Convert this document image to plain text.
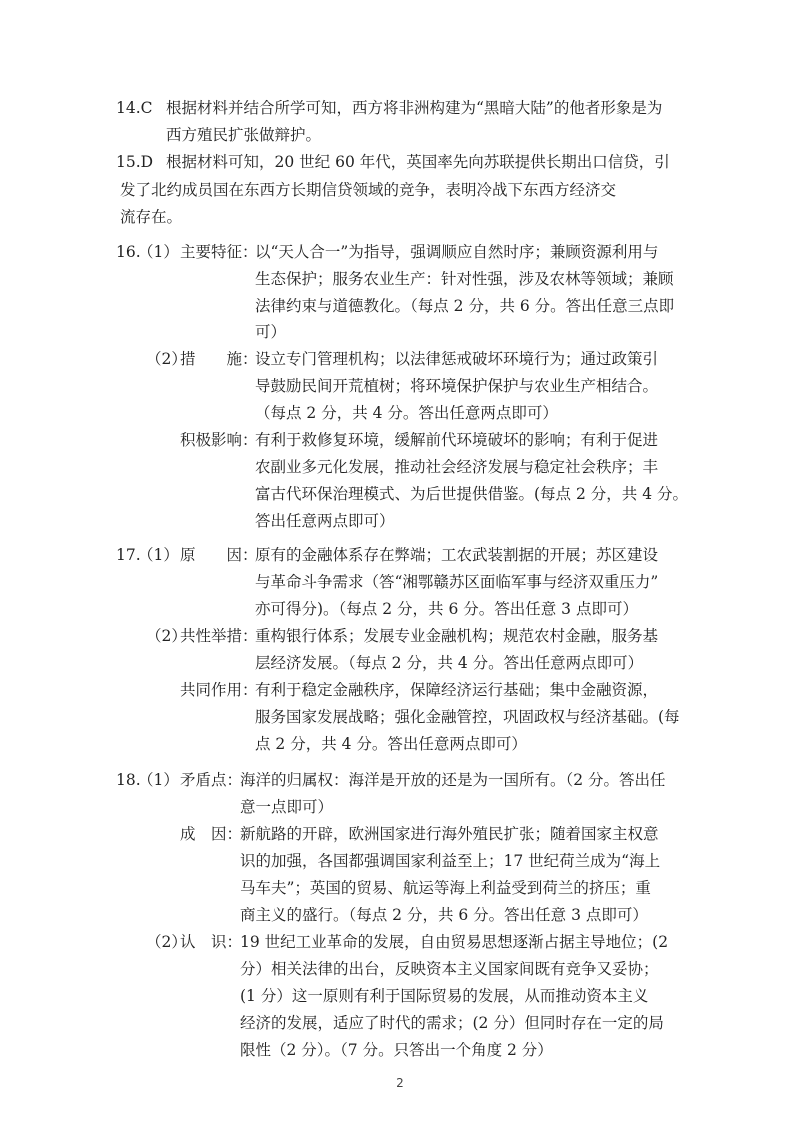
14.C 根据材料并结合所学可知，西方将非洲构建为“黑暗大陆”的他者形象是为
西方殖民扩张做辩护。
15.D 根据材料可知，20 世纪 60 年代，英国率先向苏联提供长期出口信贷，引
发了北约成员国在东西方长期信贷领域的竞争，表明冷战下东西方经济交
流存在。
16.
（1） 主要特征：
以“天人合一”为指导，强调顺应自然时序；兼顾资源利用与
生态保护；服务农业生产：针对性强，涉及农林等领域；兼顾
法律约束与道德教化。（每点 2 分，共 6 分。答出任意三点即
可）
（2）
措　　施：
设立专门管理机构；以法律惩戒破坏环境行为；通过政策引
导鼓励民间开荒植树；将环境保护保护与农业生产相结合。
（每点 2 分，共 4 分。答出任意两点即可）
积极影响：
有利于救修复环境，缓解前代环境破坏的影响；有利于促进
农副业多元化发展，推动社会经济发展与稳定社会秩序；丰
富古代环保治理模式、为后世提供借鉴。(每点 2 分，共 4 分。
答出任意两点即可）
17.
（1） 原　　因：
原有的金融体系存在弊端；工农武装割据的开展；苏区建设
与革命斗争需求（答“湘鄂赣苏区面临军事与经济双重压力”
亦可得分)。（每点 2 分，共 6 分。答出任意 3 点即可）
（2）
共性举措：
重构银行体系；发展专业金融机构；规范农村金融，服务基
层经济发展。（每点 2 分，共 4 分。答出任意两点即可）
共同作用：
有利于稳定金融秩序，保障经济运行基础；集中金融资源，
服务国家发展战略；强化金融管控，巩固政权与经济基础。(每
点 2 分，共 4 分。答出任意两点即可）
18.
（1） 矛盾点：
海洋的归属权：海洋是开放的还是为一国所有。（2 分。答出任
意一点即可）
成　因：
新航路的开辟，欧洲国家进行海外殖民扩张；随着国家主权意
识的加强，各国都强调国家利益至上；17 世纪荷兰成为“海上
马车夫”；英国的贸易、航运等海上利益受到荷兰的挤压；重
商主义的盛行。（每点 2 分，共 6 分。答出任意 3 点即可）
（2）
认　识：
19 世纪工业革命的发展，自由贸易思想逐渐占据主导地位；(2
分）相关法律的出台，反映资本主义国家间既有竞争又妥协；
(1 分）这一原则有利于国际贸易的发展，从而推动资本主义
经济的发展，适应了时代的需求；(2 分）但同时存在一定的局
限性（2 分）。（7 分。只答出一个角度 2 分）
2
